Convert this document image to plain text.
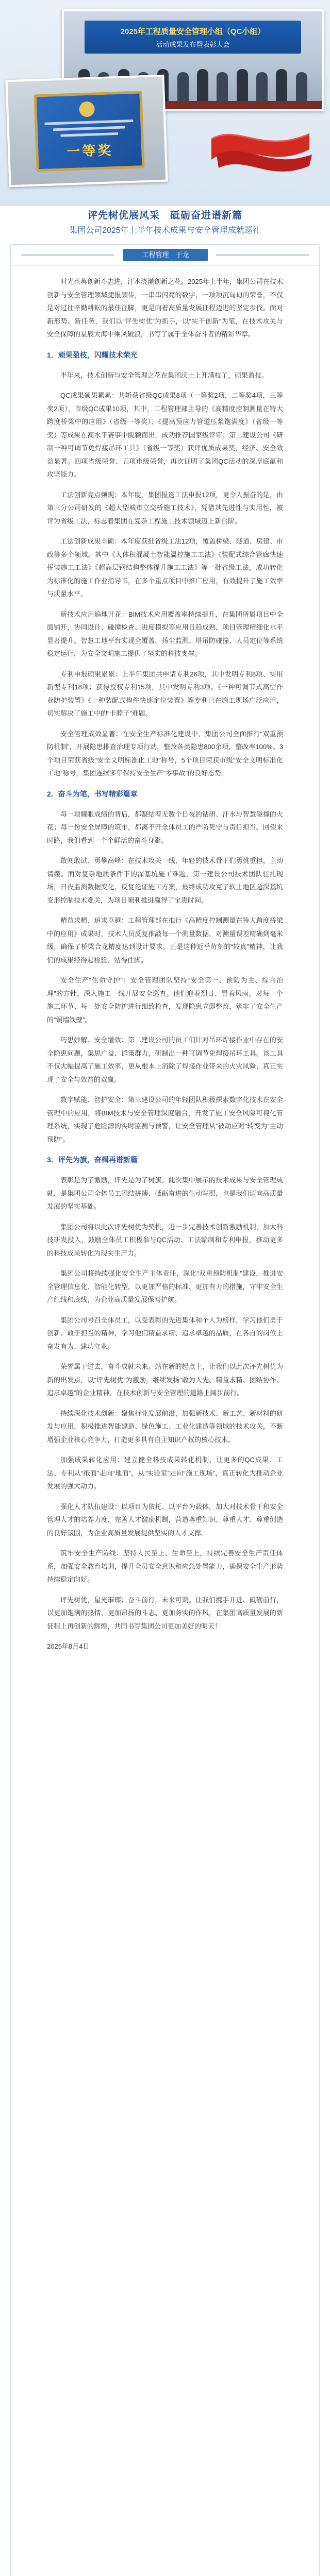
2025年工程质量安全管理小组（QC小组）
活动成果发布暨表彰大会
一等奖
评先树优展风采　砥砺奋进谱新篇
集团公司2025年上半年技术成果与安全管理成就巡礼
工程管理　于龙

时光荏苒创新斗志进，汗水浇灌创新之花。2025年上半年，集团公司在技术创新与安全管理领域捷报频传，一串串闪亮的数字，一项项沉甸甸的荣誉，不仅是对过往辛勤耕耘的最佳注脚，更是向着高质量发展征程迈进的坚定步伐。面对新形势、新任务，我们以“评先树优”为抓手，以“实干创新”为笔，在技术攻关与安全保障的星辰大海中乘风破浪，书写了属于全体奋斗者的精彩华章。

1．顽果盈枝，闪耀技术荣光

半年来，技术创新与安全管理之花在集团沃土上开满枝丫，硕果盈枝。

QC成果硕果累累：共斩获省级QC成果8项（一等奖2项，二等奖4项，三等奖2项），市级QC成果10项，其中，工程管理部主导的《高精度控制测量在特大跨度桥梁中的应用》（省级一等奖）、《提高预应力管道压浆饱满度》（省级一等奖）等成果在高水平赛事中脱颖而出，成功推荐国家级评审；第二建设公司《研制一种可调节免焊接吊环工具》（省级一等奖）获评优质成果奖，经济、安全效益显著。四项省级荣誉、五项市级荣誉，再次证明了集团QC活动的深厚底蕴和攻坚能力。

工法创新亮点频现：本年度，集团报送工法申报12项，更令人振奋的是，由第三分公司研发的《超大型城市立交桥施工技术》，凭借其先进性与实用性，被评为省级工法，标志着集团在复杂工程施工技术领域迈上新台阶。

工法创新成果丰硕：本年度获批省级工法12项，覆盖桥梁、隧道、房建、市政等多个领域。其中《大体积混凝土智能温控施工工法》《装配式综合管廊快速拼装施工工法》《超高层钢结构整体提升施工工法》等一批省级工法，成功转化为标准化的施工作业指导书，在多个重点项目中推广应用，有效提升了施工效率与质量水平。

新技术应用遍地开花：BIM技术应用覆盖率持续提升，在集团所属项目中全面铺开，协同设计、碰撞检查、进度模拟等应用日趋成熟，项目管理精细化水平显著提升。智慧工地平台实现全覆盖，扬尘监测、塔吊防碰撞、人员定位等系统稳定运行，为安全文明施工提供了坚实的科技支撑。

专利申报硕果累累：上半年集团共申请专利26项，其中发明专利8项、实用新型专利18项；获得授权专利15项，其中发明专利3项。《一种可调节式高空作业防护装置》《一种装配式构件快速定位装置》等专利已在施工现场广泛应用，切实解决了施工中的“卡脖子”难题。

安全管理成效显著：在安全生产标准化建设中，集团公司全面推行“双重预防机制”，开展隐患排查治理专项行动，整改各类隐患800余项，整改率100%。3个项目荣获省级“安全文明标准化工地”称号，5个项目荣获市级“安全文明标准化工地”称号，集团连续多年保持安全生产“零事故”的良好态势。

2．奋斗为笔，书写精彩篇章

每一项耀眼成绩的背后，都凝结着无数个日夜的钻研、汗水与智慧碰撞的火花；每一份安全屏障的筑牢，都离不开全体员工的严防死守与责任担当。回望来时路，我们看到一个个鲜活的奋斗身影。

敢闯敢试、勇攀高峰：在技术攻关一线，年轻的技术骨干们勇挑重担，主动请缨。面对复杂地质条件下的深基坑施工难题，第一建设公司技术团队驻扎现场，日夜监测数据变化，反复论证施工方案，最终成功攻克了软土地区超深基坑变形控制技术难关，为项目顺利推进赢得了宝贵时间。

精益求精、追求卓越：工程管理部在推行《高精度控制测量在特大跨度桥梁中的应用》成果时，技术人员反复推敲每一个测量数据，对测量误差精确到毫米级，确保了桥梁合龙精度达到设计要求。正是这种近乎苛刻的“较真”精神，让我们的成果经得起检验、站得住脚。

安全生产“生命守护”：安全管理团队坚持“安全第一、预防为主、综合治理”的方针，深入施工一线开展安全巡查。他们迎着烈日、冒着风雨，对每一个施工环节、每一处安全防护进行细致检查，发现隐患立即整改，筑牢了安全生产的“铜墙铁壁”。

巧思妙解、安全增效：第二建设公司的员工们针对吊环焊接作业中存在的安全隐患问题，集思广益、群策群力，研制出一种可调节免焊接吊环工具。该工具不仅大幅提高了施工效率，更从根本上消除了焊接作业带来的火灾风险，真正实现了安全与效益的双赢。

数字赋能、智护安全：第三建设公司的年轻团队积极探索数字化技术在安全管理中的应用，将BIM技术与安全管理深度融合，开发了施工安全风险可视化管理系统，实现了危险源的实时监测与预警，让安全管理从“被动应对”转变为“主动预防”。

3．评先为旗，奋楫再谱新篇

表彰是为了激励，评先是为了树旗。此次集中展示的技术成果与安全管理成就，是集团公司全体员工团结拼搏、砥砺奋进的生动写照，也是我们迈向高质量发展的坚实基础。

集团公司将以此次评先树优为契机，进一步完善技术创新激励机制，加大科技研发投入，鼓励全体员工积极参与QC活动、工法编制和专利申报，推动更多的科技成果转化为现实生产力。

集团公司将持续强化安全生产主体责任，深化“双重预防机制”建设，推进安全管理信息化、智能化转型，以更加严格的标准、更加有力的措施，守牢安全生产红线和底线，为企业高质量发展保驾护航。

集团公司号召全体员工，以受表彰的先进集体和个人为榜样，学习他们勇于创新、敢于担当的精神，学习他们精益求精、追求卓越的品质，在各自的岗位上奋发有为、建功立业。

荣誉属于过去，奋斗成就未来。站在新的起点上，让我们以此次评先树优为新的出发点，以“评先树优”为激励，继续发扬“敢为人先、精益求精、团结协作、追求卓越”的企业精神，在技术创新与安全管理的道路上阔步前行。

持续深化技术创新：聚焦行业发展前沿，加强新技术、新工艺、新材料的研发与应用，积极推进智能建造、绿色施工、工业化建造等领域的技术攻关，不断增强企业核心竞争力，打造更多具有自主知识产权的核心技术。

加强成果转化应用：建立健全科技成果转化机制，让更多的QC成果、工法、专利从“纸面”走向“地面”，从“实验室”走向“施工现场”，真正转化为推动企业发展的强大动力。

强化人才队伍建设：以项目为依托、以平台为载体，加大对技术骨干和安全管理人才的培养力度，完善人才激励机制，营造尊重知识、尊重人才、尊重创造的良好氛围，为企业高质量发展提供坚实的人才支撑。

筑牢安全生产防线：坚持人民至上、生命至上，持续完善安全生产责任体系，加强安全教育培训，提升全员安全意识和应急处置能力，确保安全生产形势持续稳定向好。

评先树优，星光璀璨；奋斗前行，未来可期。让我们携手并进、砥砺前行，以更加饱满的热情、更加昂扬的斗志、更加务实的作风，在集团高质量发展的新征程上再创新的辉煌，共同书写集团公司更加美好的明天！

2025年8月4日
